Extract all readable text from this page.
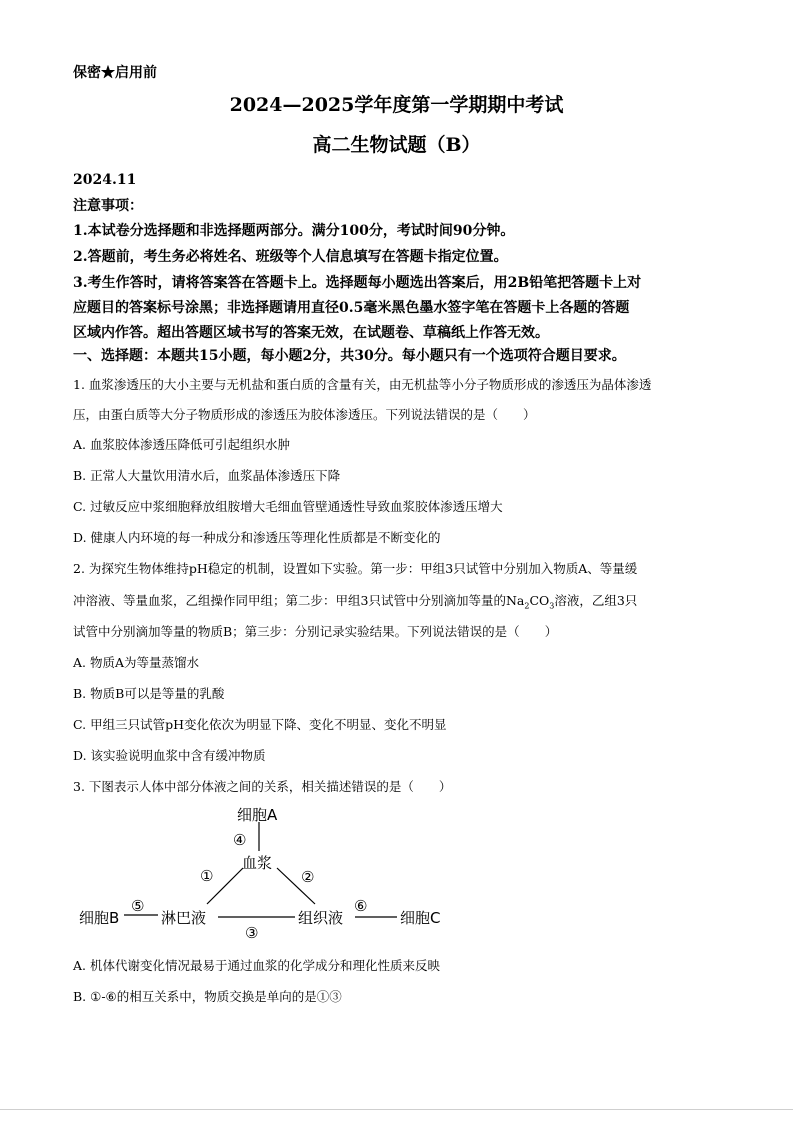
保密★启用前
2024—2025学年度第一学期期中考试
高二生物试题（B）
2024.11
注意事项：
1.本试卷分选择题和非选择题两部分。满分100分，考试时间90分钟。
2.答题前，考生务必将姓名、班级等个人信息填写在答题卡指定位置。
3.考生作答时，请将答案答在答题卡上。选择题每小题选出答案后，用2B铅笔把答题卡上对
应题目的答案标号涂黑；非选择题请用直径0.5毫米黑色墨水签字笔在答题卡上各题的答题
区域内作答。超出答题区域书写的答案无效，在试题卷、草稿纸上作答无效。
一、选择题：本题共15小题，每小题2分，共30分。每小题只有一个选项符合题目要求。
1. 血浆渗透压的大小主要与无机盐和蛋白质的含量有关，由无机盐等小分子物质形成的渗透压为晶体渗透
压，由蛋白质等大分子物质形成的渗透压为胶体渗透压。下列说法错误的是（　　）
A. 血浆胶体渗透压降低可引起组织水肿
B. 正常人大量饮用清水后，血浆晶体渗透压下降
C. 过敏反应中浆细胞释放组胺增大毛细血管壁通透性导致血浆胶体渗透压增大
D. 健康人内环境的每一种成分和渗透压等理化性质都是不断变化的
2. 为探究生物体维持pH稳定的机制，设置如下实验。第一步：甲组3只试管中分别加入物质A、等量缓
冲溶液、等量血浆，乙组操作同甲组；第二步：甲组3只试管中分别滴加等量的$Na_2CO_3$溶液，乙组3只
试管中分别滴加等量的物质B；第三步：分别记录实验结果。下列说法错误的是（　　）
A. 物质A为等量蒸馏水
B. 物质B可以是等量的乳酸
C. 甲组三只试管pH变化依次为明显下降、变化不明显、变化不明显
D. 该实验说明血浆中含有缓冲物质
3. 下图表示人体中部分体液之间的关系，相关描述错误的是（　　）
细胞A
④
血浆
①	②
⑤	⑥
细胞B	淋巴液	组织液	细胞C
③
A. 机体代谢变化情况最易于通过血浆的化学成分和理化性质来反映
B. ①-⑥的相互关系中，物质交换是单向的是①③
